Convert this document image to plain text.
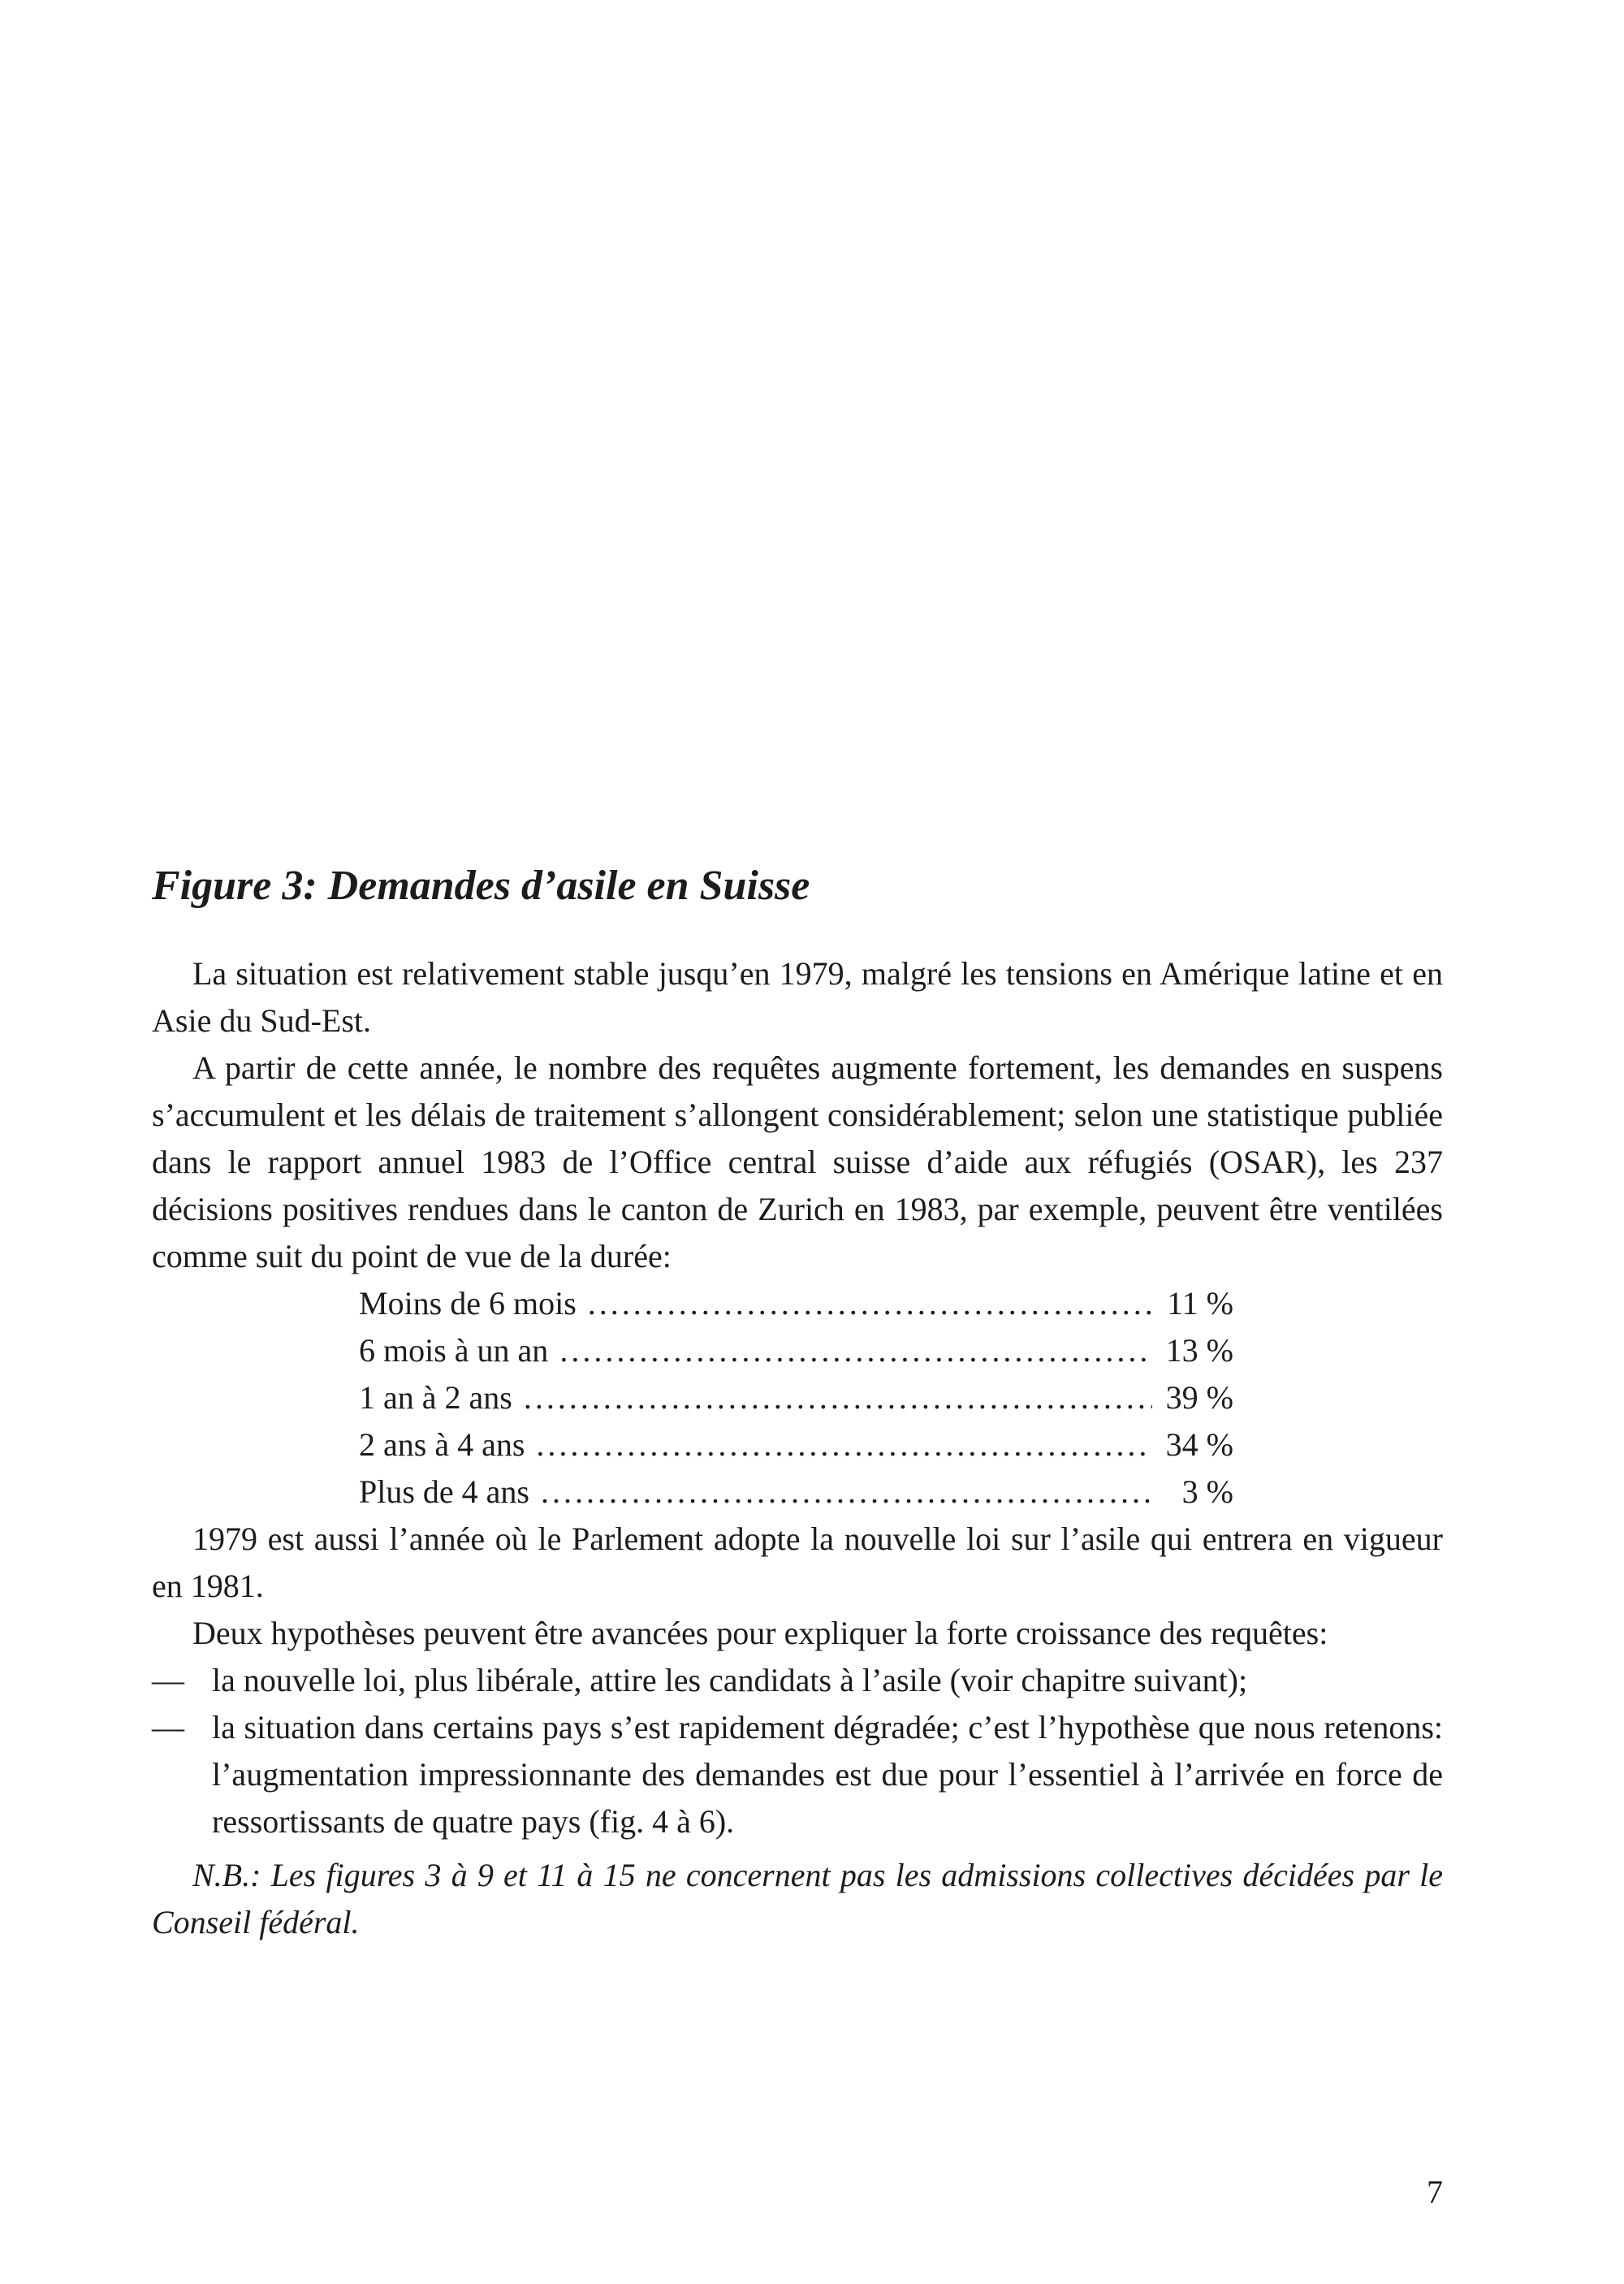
Figure 3: Demandes d’asile en Suisse

La situation est relativement stable jusqu’en 1979, malgré les tensions en Amérique latine et en Asie du Sud-Est.

A partir de cette année, le nombre des requêtes augmente fortement, les demandes en suspens s’accumulent et les délais de traitement s’allongent considérablement; selon une statistique publiée dans le rapport annuel 1983 de l’Office central suisse d’aide aux réfugiés (OSAR), les 237 décisions positives rendues dans le canton de Zurich en 1983, par exemple, peuvent être ventilées comme suit du point de vue de la durée:

Moins de 6 mois .....	11 %
6 mois à un an .....	13 %
1 an à 2 ans .....	39 %
2 ans à 4 ans .....	34 %
Plus de 4 ans .....	3 %

1979 est aussi l’année où le Parlement adopte la nouvelle loi sur l’asile qui entrera en vigueur en 1981.

Deux hypothèses peuvent être avancées pour expliquer la forte croissance des requêtes:

— la nouvelle loi, plus libérale, attire les candidats à l’asile (voir chapitre suivant);
— la situation dans certains pays s’est rapidement dégradée; c’est l’hypothèse que nous retenons: l’augmentation impressionnante des demandes est due pour l’essentiel à l’arrivée en force de ressortissants de quatre pays (fig. 4 à 6).

N.B.: Les figures 3 à 9 et 11 à 15 ne concernent pas les admissions collectives décidées par le Conseil fédéral.

7
